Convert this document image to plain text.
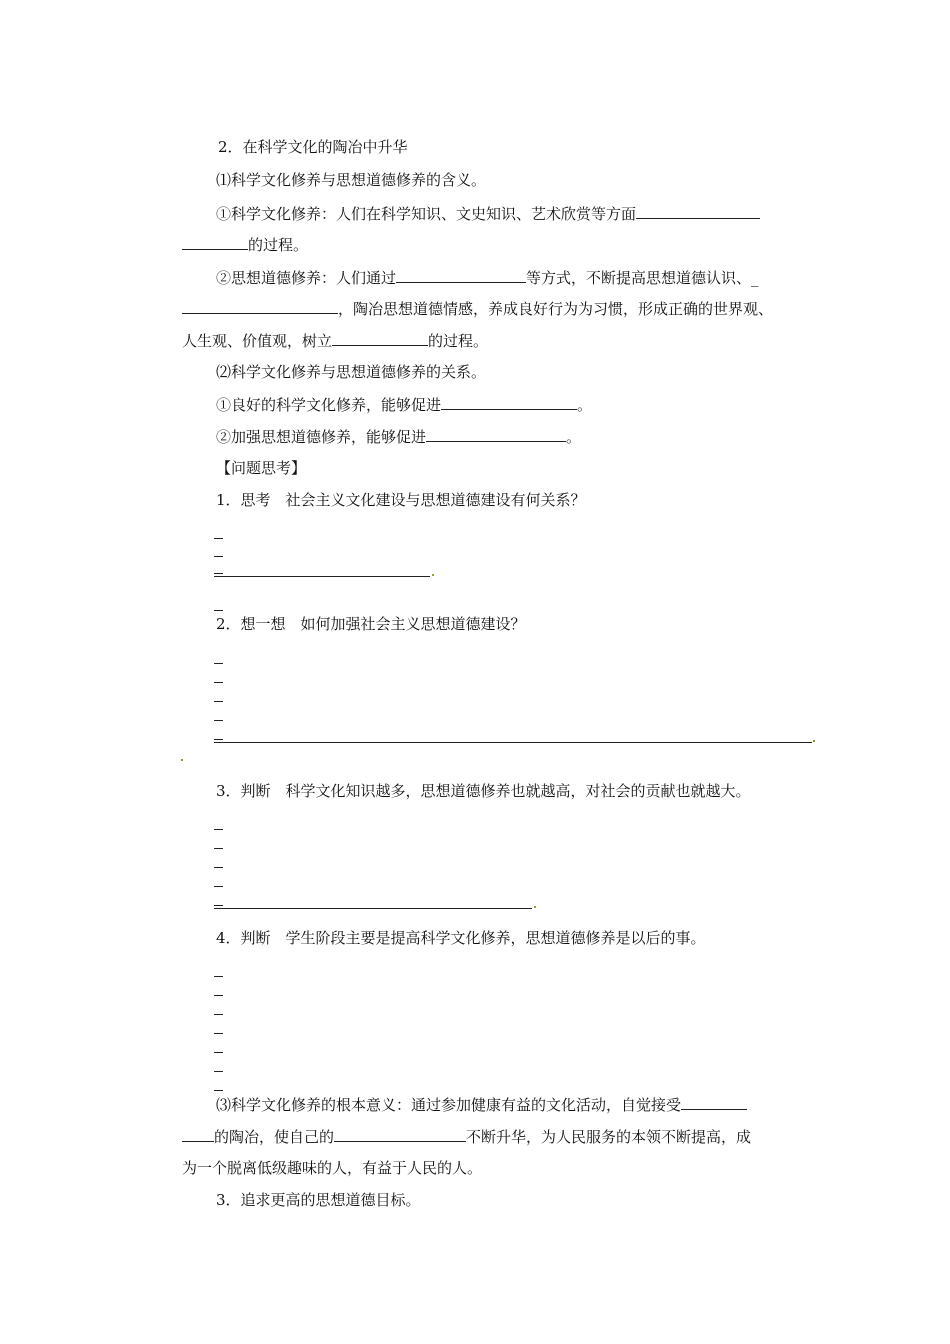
2．在科学文化的陶冶中升华
⑴科学文化修养与思想道德修养的含义。
①科学文化修养：人们在科学知识、文史知识、艺术欣赏等方面
的过程。
②思想道德修养：人们通过	等方式，不断提高思想道德认识、_
，陶冶思想道德情感，养成良好行为为习惯，形成正确的世界观、
人生观、价值观，树立	的过程。
⑵科学文化修养与思想道德修养的关系。
①良好的科学文化修养，能够促进	。
②加强思想道德修养，能够促进	。
【问题思考】
1．思考　社会主义文化建设与思想道德建设有何关系？
2．想一想　如何加强社会主义思想道德建设？
3．判断　科学文化知识越多，思想道德修养也就越高，对社会的贡献也就越大。
4．判断　学生阶段主要是提高科学文化修养，思想道德修养是以后的事。
⑶科学文化修养的根本意义：通过参加健康有益的文化活动，自觉接受
的陶冶，使自己的	不断升华，为人民服务的本领不断提高，成
为一个脱离低级趣味的人，有益于人民的人。
3．追求更高的思想道德目标。
